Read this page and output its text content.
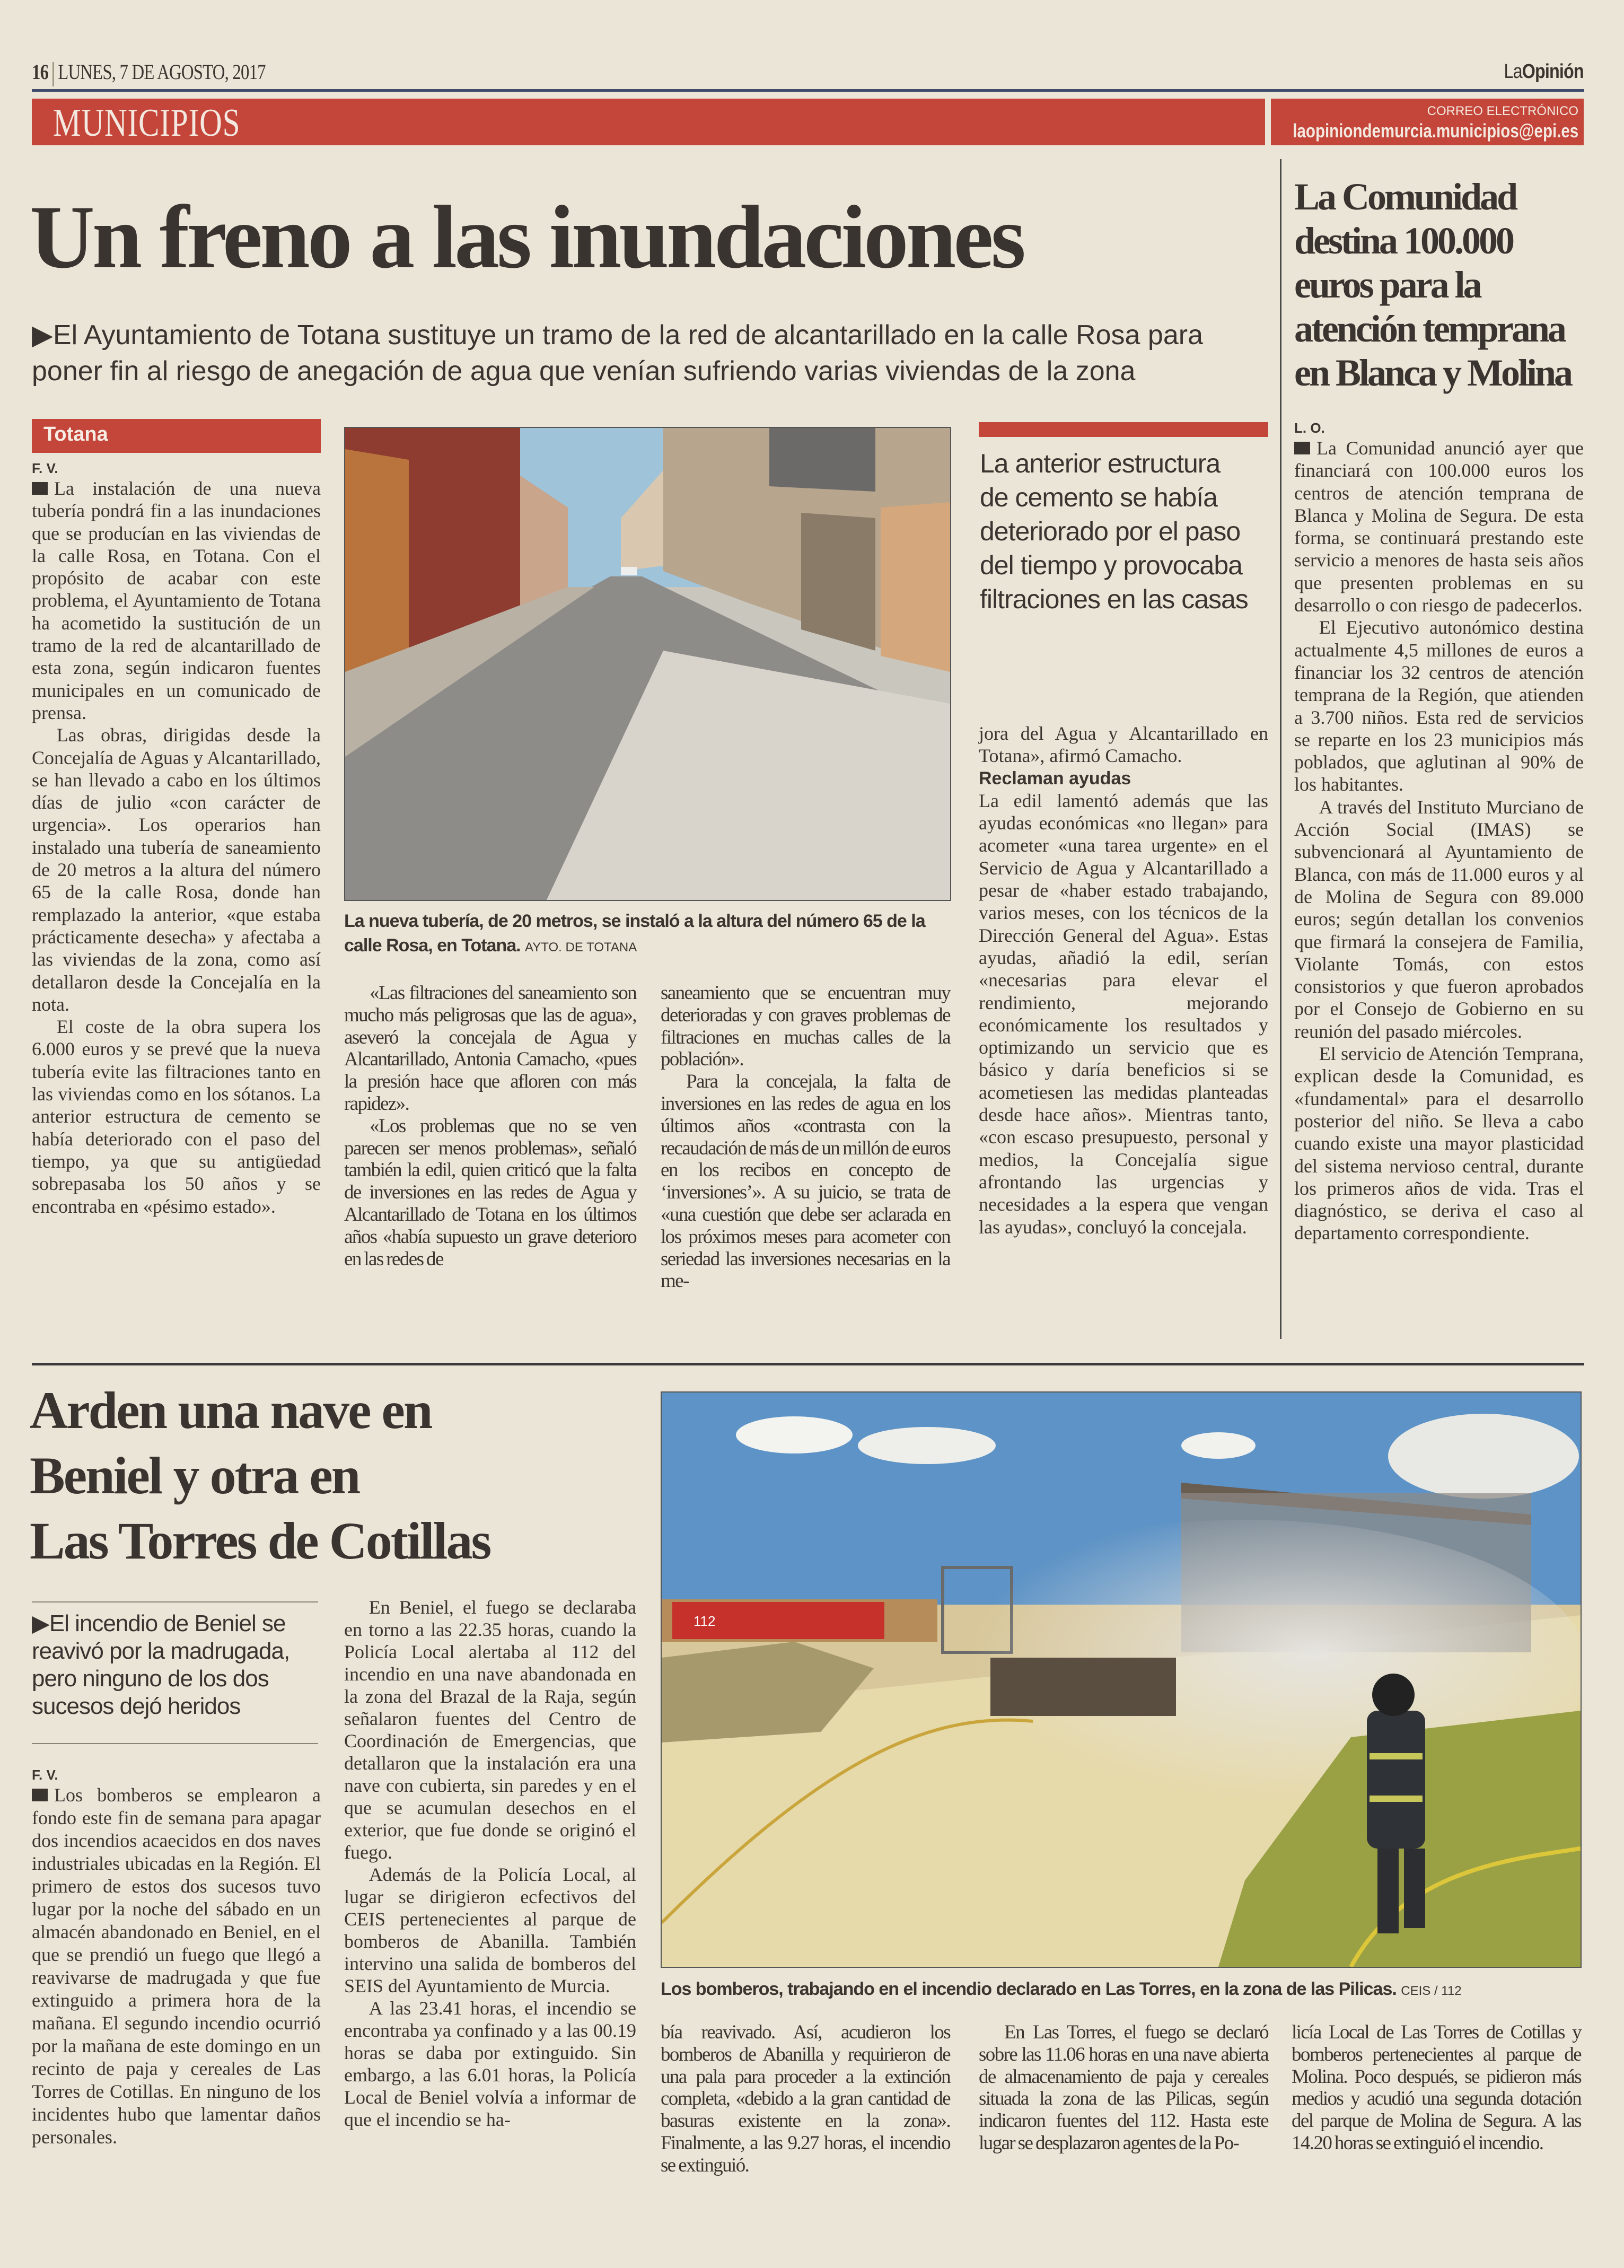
16 LUNES, 7 DE AGOSTO, 2017	LaOpinión
MUNICIPIOS	CORREO ELECTRÓNICO
laopiniondemurcia.municipios@epi.es
Un freno a las inundaciones
▶El Ayuntamiento de Totana sustituye un tramo de la red de alcantarillado en la calle Rosa para
poner fin al riesgo de anegación de agua que venían sufriendo varias viviendas de la zona
Totana
F. V.

La instalación de una nueva tubería pondrá fin a las inundaciones que se producían en las viviendas de la calle Rosa, en Totana. Con el propósito de acabar con este problema, el Ayuntamiento de Totana ha acometido la sustitución de un tramo de la red de alcantarillado de esta zona, según indicaron fuentes municipales en un comunicado de prensa.

Las obras, dirigidas desde la Concejalía de Aguas y Alcantarillado, se han llevado a cabo en los últimos días de julio «con carácter de urgencia». Los operarios han instalado una tubería de saneamiento de 20 metros a la altura del número 65 de la calle Rosa, donde han remplazado la anterior, «que estaba prácticamente desecha» y afectaba a las viviendas de la zona, como así detallaron desde la Concejalía en la nota.

El coste de la obra supera los 6.000 euros y se prevé que la nueva tubería evite las filtraciones tanto en las viviendas como en los sótanos. La anterior estructura de cemento se había deteriorado con el paso del tiempo, ya que su antigüedad sobrepasaba los 50 años y se encontraba en «pésimo estado».

La nueva tubería, de 20 metros, se instaló a la altura del número 65 de la calle Rosa, en Totana. AYTO. DE TOTANA

«Las filtraciones del saneamiento son mucho más peligrosas que las de agua», aseveró la concejala de Agua y Alcantarillado, Antonia Camacho, «pues la presión hace que afloren con más rapidez».

«Los problemas que no se ven parecen ser menos problemas», señaló también la edil, quien criticó que la falta de inversiones en las redes de Agua y Alcantarillado de Totana en los últimos años «había supuesto un grave deterioro en las redes de

saneamiento que se encuentran muy deterioradas y con graves problemas de filtraciones en muchas calles de la población».

Para la concejala, la falta de inversiones en las redes de agua en los últimos años «contrasta con la recaudación de más de un millón de euros en los recibos en concepto de ‘inversiones’». A su juicio, se trata de «una cuestión que debe ser aclarada en los próximos meses para acometer con seriedad las inversiones necesarias en la me-

La anterior estructura
de cemento se había
deteriorado por el paso
del tiempo y provocaba
filtraciones en las casas

jora del Agua y Alcantarillado en Totana», afirmó Camacho.

Reclaman ayudas

La edil lamentó además que las ayudas económicas «no llegan» para acometer «una tarea urgente» en el Servicio de Agua y Alcantarillado a pesar de «haber estado trabajando, varios meses, con los técnicos de la Dirección General del Agua». Estas ayudas, añadió la edil, serían «necesarias para elevar el rendimiento, mejorando económicamente los resultados y optimizando un servicio que es básico y daría beneficios si se acometiesen las medidas planteadas desde hace años». Mientras tanto, «con escaso presupuesto, personal y medios, la Concejalía sigue afrontando las urgencias y necesidades a la espera que vengan las ayudas», concluyó la concejala.

La Comunidad
destina 100.000
euros para la
atención temprana
en Blanca y Molina
L. O.

La Comunidad anunció ayer que financiará con 100.000 euros los centros de atención temprana de Blanca y Molina de Segura. De esta forma, se continuará prestando este servicio a menores de hasta seis años que presenten problemas en su desarrollo o con riesgo de padecerlos.

El Ejecutivo autonómico destina actualmente 4,5 millones de euros a financiar los 32 centros de atención temprana de la Región, que atienden a 3.700 niños. Esta red de servicios se reparte en los 23 municipios más poblados, que aglutinan al 90% de los habitantes.

A través del Instituto Murciano de Acción Social (IMAS) se subvencionará al Ayuntamiento de Blanca, con más de 11.000 euros y al de Molina de Segura con 89.000 euros; según detallan los convenios que firmará la consejera de Familia, Violante Tomás, con estos consistorios y que fueron aprobados por el Consejo de Gobierno en su reunión del pasado miércoles.

El servicio de Atención Temprana, explican desde la Comunidad, es «fundamental» para el desarrollo posterior del niño. Se lleva a cabo cuando existe una mayor plasticidad del sistema nervioso central, durante los primeros años de vida. Tras el diagnóstico, se deriva el caso al departamento correspondiente.

Arden una nave en
Beniel y otra en
Las Torres de Cotillas
▶El incendio de Beniel se
reavivó por la madrugada,
pero ninguno de los dos
sucesos dejó heridos
F. V.

Los bomberos se emplearon a fondo este fin de semana para apagar dos incendios acaecidos en dos naves industriales ubicadas en la Región. El primero de estos dos sucesos tuvo lugar por la noche del sábado en un almacén abandonado en Beniel, en el que se prendió un fuego que llegó a reavivarse de madrugada y que fue extinguido a primera hora de la mañana. El segundo incendio ocurrió por la mañana de este domingo en un recinto de paja y cereales de Las Torres de Cotillas. En ninguno de los incidentes hubo que lamentar daños personales.

En Beniel, el fuego se declaraba en torno a las 22.35 horas, cuando la Policía Local alertaba al 112 del incendio en una nave abandonada en la zona del Brazal de la Raja, según señalaron fuentes del Centro de Coordinación de Emergencias, que detallaron que la instalación era una nave con cubierta, sin paredes y en el que se acumulan desechos en el exterior, que fue donde se originó el fuego.

Además de la Policía Local, al lugar se dirigieron ecfectivos del CEIS pertenecientes al parque de bomberos de Abanilla. También intervino una salida de bomberos del SEIS del Ayuntamiento de Murcia.

A las 23.41 horas, el incendio se encontraba ya confinado y a las 00.19 horas se daba por extinguido. Sin embargo, a las 6.01 horas, la Policía Local de Beniel volvía a informar de que el incendio se ha-

112
Los bomberos, trabajando en el incendio declarado en Las Torres, en la zona de las Pilicas. CEIS / 112

bía reavivado. Así, acudieron los bomberos de Abanilla y requirieron de una pala para proceder a la extinción completa, «debido a la gran cantidad de basuras existente en la zona». Finalmente, a las 9.27 horas, el incendio se extinguió.

En Las Torres, el fuego se declaró sobre las 11.06 horas en una nave abierta de almacenamiento de paja y cereales situada la zona de las Pilicas, según indicaron fuentes del 112. Hasta este lugar se desplazaron agentes de la Po-

licía Local de Las Torres de Cotillas y bomberos pertenecientes al parque de Molina. Poco después, se pidieron más medios y acudió una segunda dotación del parque de Molina de Segura. A las 14.20 horas se extinguió el incendio.
